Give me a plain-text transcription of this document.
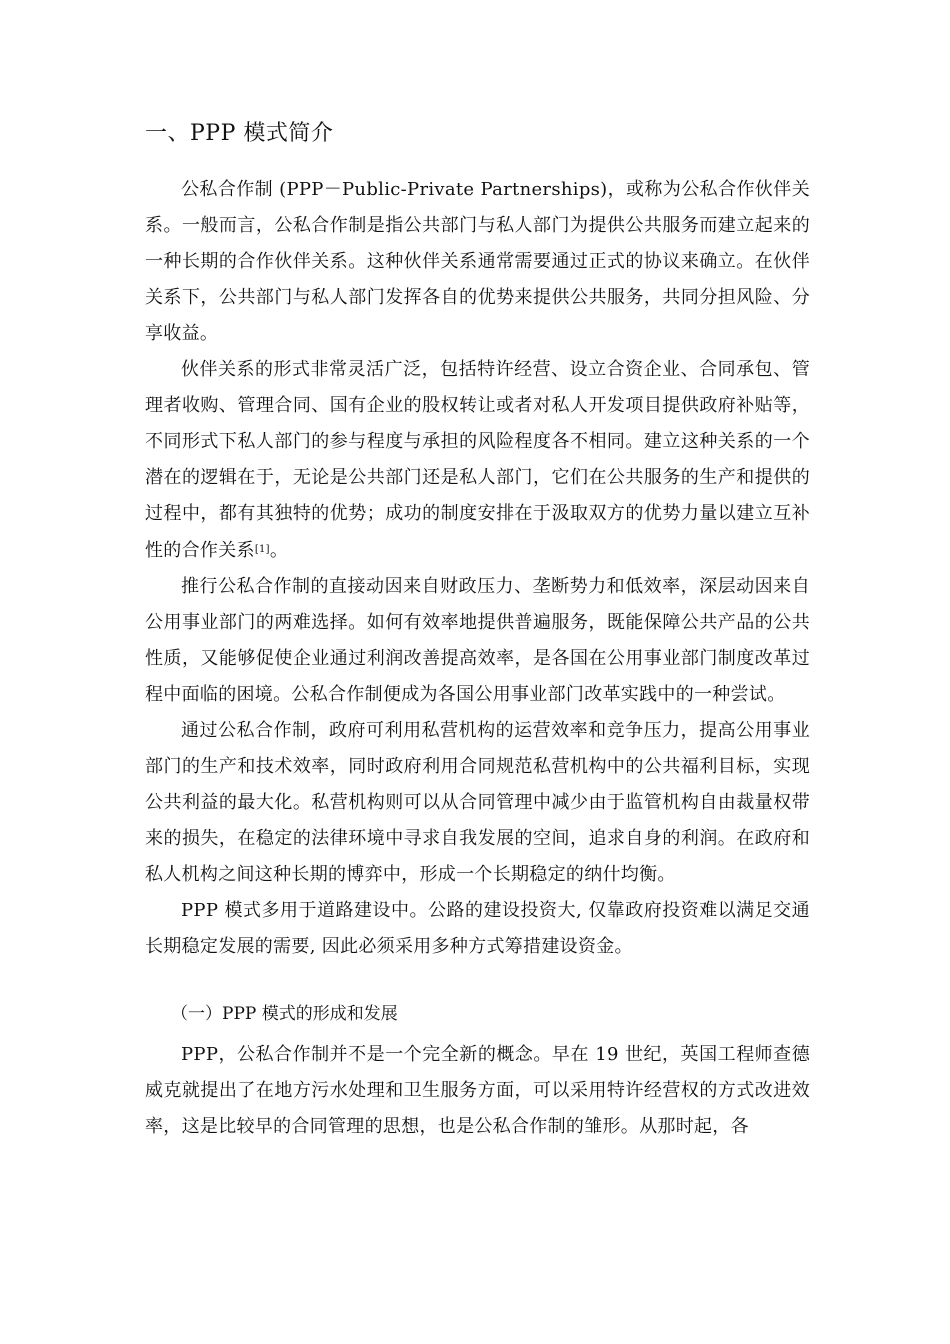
一、PPP 模式简介

公私合作制 (PPP－Public-Private Partnerships)，或称为公私合作伙伴关系。一般而言，公私合作制是指公共部门与私人部门为提供公共服务而建立起来的一种长期的合作伙伴关系。这种伙伴关系通常需要通过正式的协议来确立。在伙伴关系下，公共部门与私人部门发挥各自的优势来提供公共服务，共同分担风险、分享收益。

伙伴关系的形式非常灵活广泛，包括特许经营、设立合资企业、合同承包、管理者收购、管理合同、国有企业的股权转让或者对私人开发项目提供政府补贴等，不同形式下私人部门的参与程度与承担的风险程度各不相同。建立这种关系的一个潜在的逻辑在于，无论是公共部门还是私人部门，它们在公共服务的生产和提供的过程中，都有其独特的优势；成功的制度安排在于汲取双方的优势力量以建立互补性的合作关系[1]。

推行公私合作制的直接动因来自财政压力、垄断势力和低效率，深层动因来自公用事业部门的两难选择。如何有效率地提供普遍服务，既能保障公共产品的公共性质，又能够促使企业通过利润改善提高效率，是各国在公用事业部门制度改革过程中面临的困境。公私合作制便成为各国公用事业部门改革实践中的一种尝试。

通过公私合作制，政府可利用私营机构的运营效率和竞争压力，提高公用事业部门的生产和技术效率，同时政府利用合同规范私营机构中的公共福利目标，实现公共利益的最大化。私营机构则可以从合同管理中减少由于监管机构自由裁量权带来的损失，在稳定的法律环境中寻求自我发展的空间，追求自身的利润。在政府和私人机构之间这种长期的博弈中，形成一个长期稳定的纳什均衡。

PPP 模式多用于道路建设中。公路的建设投资大, 仅靠政府投资难以满足交通长期稳定发展的需要, 因此必须采用多种方式筹措建设资金。

（一）PPP 模式的形成和发展

PPP，公私合作制并不是一个完全新的概念。早在 19 世纪，英国工程师查德威克就提出了在地方污水处理和卫生服务方面，可以采用特许经营权的方式改进效率，这是比较早的合同管理的思想，也是公私合作制的雏形。从那时起，各
